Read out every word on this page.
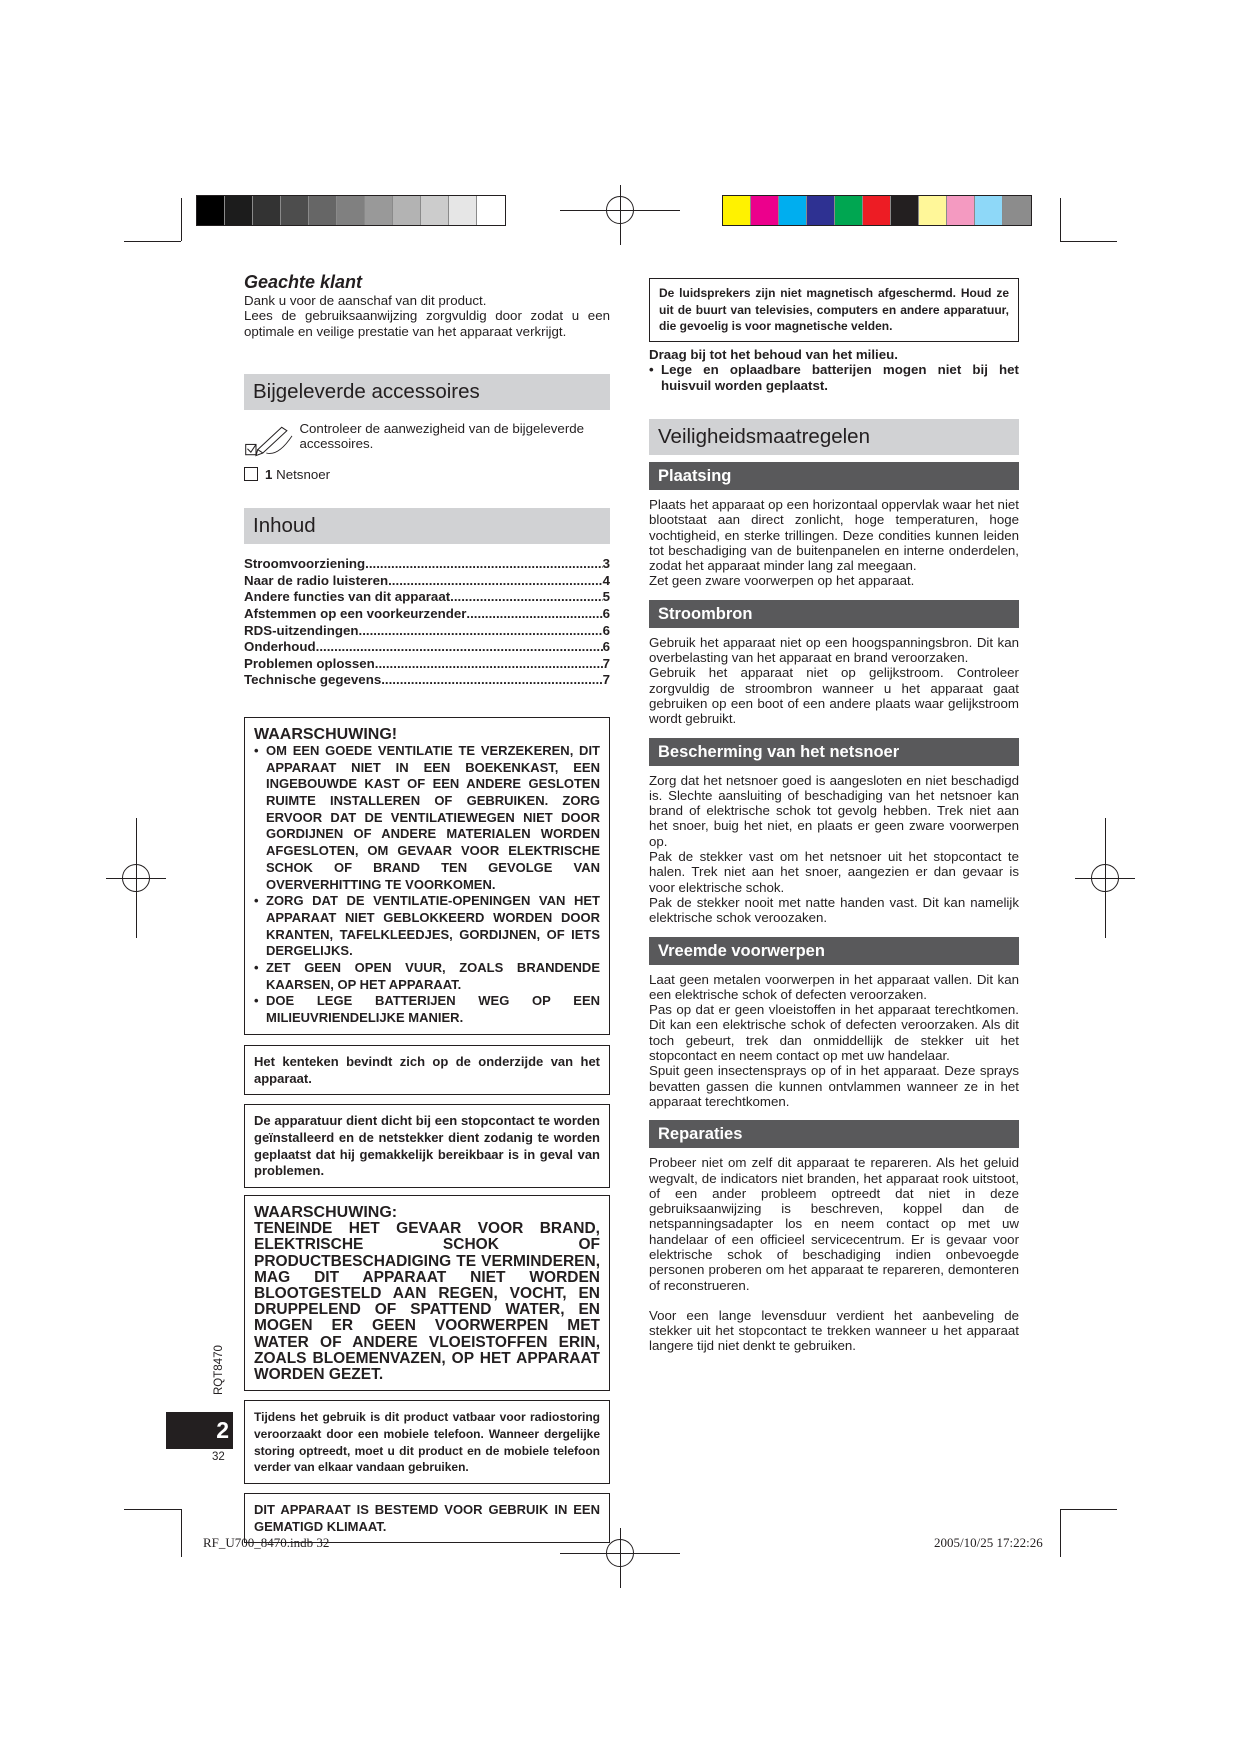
Geachte klant

Dank u voor de aanschaf van dit product.
Lees de gebruiksaanwijzing zorgvuldig door zodat u een optimale en veilige prestatie van het apparaat verkrijgt.

Bijgeleverde accessoires
Controleer de aanwezigheid van de bijgeleverde accessoires.
1 Netsnoer
Inhoud
Stroomvoorziening .....	3
Naar de radio luisteren .....	4
Andere functies van dit apparaat .....	5
Afstemmen op een voorkeurzender .....	6
RDS-uitzendingen .....	6
Onderhoud .....	6
Problemen oplossen .....	7
Technische gegevens .....	7
WAARSCHUWING!
• OM EEN GOEDE VENTILATIE TE VERZEKEREN, DIT APPARAAT NIET IN EEN BOEKENKAST, EEN INGEBOUWDE KAST OF EEN ANDERE GESLOTEN RUIMTE INSTALLEREN OF GEBRUIKEN. ZORG ERVOOR DAT DE VENTILATIEWEGEN NIET DOOR GORDIJNEN OF ANDERE MATERIALEN WORDEN AFGESLOTEN, OM GEVAAR VOOR ELEKTRISCHE SCHOK OF BRAND TEN GEVOLGE VAN OVERVERHITTING TE VOORKOMEN.
• ZORG DAT DE VENTILATIE-OPENINGEN VAN HET APPARAAT NIET GEBLOKKEERD WORDEN DOOR KRANTEN, TAFELKLEEDJES, GORDIJNEN, OF IETS DERGELIJKS.
• ZET GEEN OPEN VUUR, ZOALS BRANDENDE KAARSEN, OP HET APPARAAT.
• DOE LEGE BATTERIJEN WEG OP EEN MILIEUVRIENDELIJKE MANIER.
Het kenteken bevindt zich op de onderzijde van het apparaat.
De apparatuur dient dicht bij een stopcontact te worden geïnstalleerd en de netstekker dient zodanig te worden geplaatst dat hij gemakkelijk bereikbaar is in geval van problemen.
WAARSCHUWING:
TENEINDE HET GEVAAR VOOR BRAND, ELEKTRISCHE SCHOK OF PRODUCTBESCHADIGING TE VERMINDEREN, MAG DIT APPARAAT NIET WORDEN BLOOTGESTELD AAN REGEN, VOCHT, EN DRUPPELEND OF SPATTEND WATER, EN MOGEN ER GEEN VOORWERPEN MET WATER OF ANDERE VLOEISTOFFEN ERIN, ZOALS BLOEMENVAZEN, OP HET APPARAAT WORDEN GEZET.
Tijdens het gebruik is dit product vatbaar voor radiostoring veroorzaakt door een mobiele telefoon. Wanneer dergelijke storing optreedt, moet u dit product en de mobiele telefoon verder van elkaar vandaan gebruiken.
DIT APPARAAT IS BESTEMD VOOR GEBRUIK IN EEN GEMATIGD KLIMAAT.
De luidsprekers zijn niet magnetisch afgeschermd. Houd ze uit de buurt van televisies, computers en andere apparatuur, die gevoelig is voor magnetische velden.

Draag bij tot het behoud van het milieu.

• Lege en oplaadbare batterijen mogen niet bij het huisvuil worden geplaatst.

Veiligheidsmaatregelen
Plaatsing

Plaats het apparaat op een horizontaal oppervlak waar het niet blootstaat aan direct zonlicht, hoge temperaturen, hoge vochtigheid, en sterke trillingen. Deze condities kunnen leiden tot beschadiging van de buitenpanelen en interne onderdelen, zodat het apparaat minder lang zal meegaan.

Zet geen zware voorwerpen op het apparaat.

Stroombron

Gebruik het apparaat niet op een hoogspanningsbron. Dit kan overbelasting van het apparaat en brand veroorzaken.

Gebruik het apparaat niet op gelijkstroom. Controleer zorgvuldig de stroombron wanneer u het apparaat gaat gebruiken op een boot of een andere plaats waar gelijkstroom wordt gebruikt.

Bescherming van het netsnoer

Zorg dat het netsnoer goed is aangesloten en niet beschadigd is. Slechte aansluiting of beschadiging van het netsnoer kan brand of elektrische schok tot gevolg hebben. Trek niet aan het snoer, buig het niet, en plaats er geen zware voorwerpen op.

Pak de stekker vast om het netsnoer uit het stopcontact te halen. Trek niet aan het snoer, aangezien er dan gevaar is voor elektrische schok.

Pak de stekker nooit met natte handen vast. Dit kan namelijk elektrische schok veroozaken.

Vreemde voorwerpen

Laat geen metalen voorwerpen in het apparaat vallen. Dit kan een elektrische schok of defecten veroorzaken.

Pas op dat er geen vloeistoffen in het apparaat terechtkomen. Dit kan een elektrische schok of defecten veroorzaken. Als dit toch gebeurt, trek dan onmiddellijk de stekker uit het stopcontact en neem contact op met uw handelaar.

Spuit geen insectensprays op of in het apparaat. Deze sprays bevatten gassen die kunnen ontvlammen wanneer ze in het apparaat terechtkomen.

Reparaties

Probeer niet om zelf dit apparaat te repareren. Als het geluid wegvalt, de indicators niet branden, het apparaat rook uitstoot, of een ander probleem optreedt dat niet in deze gebruiksaanwijzing is beschreven, koppel dan de netspanningsadapter los en neem contact op met uw handelaar of een officieel servicecentrum. Er is gevaar voor elektrische schok of beschadiging indien onbevoegde personen proberen om het apparaat te repareren, demonteren of reconstrueren.

Voor een lange levensduur verdient het aanbeveling de stekker uit het stopcontact te trekken wanneer u het apparaat langere tijd niet denkt te gebruiken.

RQT8470
2
32
RF_U700_8470.indb 32	2005/10/25 17:22:26
